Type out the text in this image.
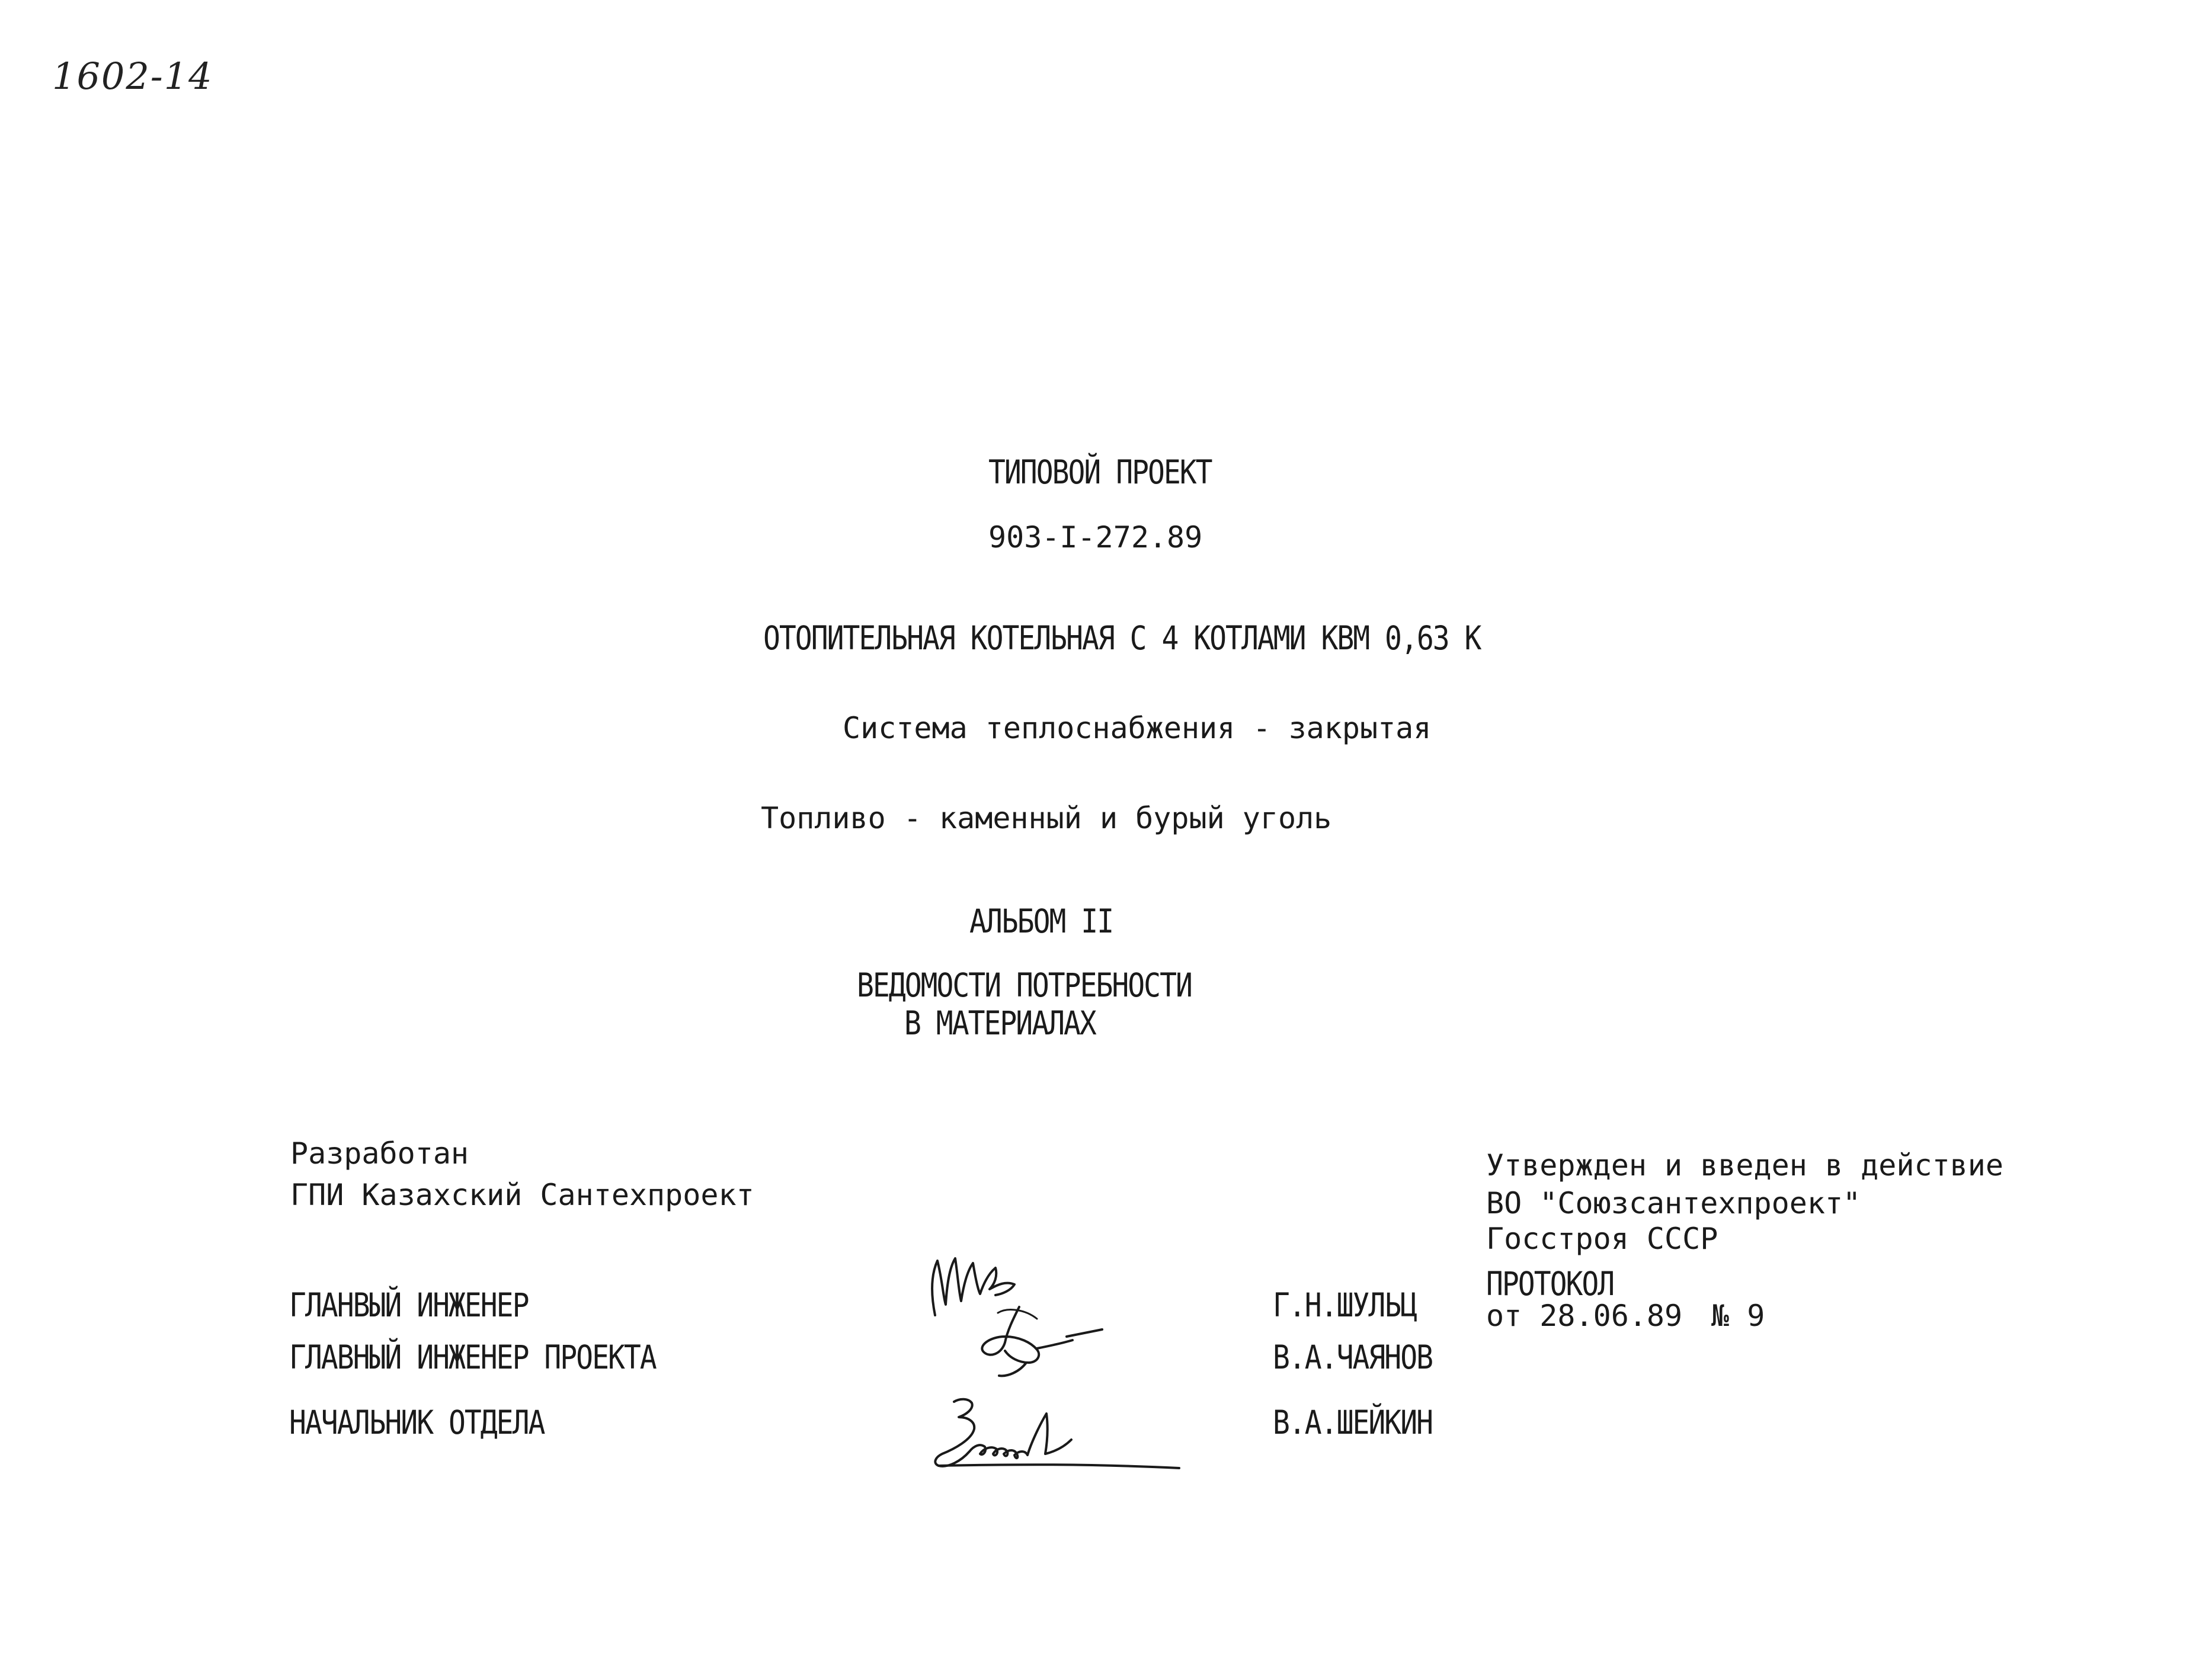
1602-14
ТИПОВОЙ ПРОЕКТ
903-I-272.89
ОТОПИТЕЛЬНАЯ КОТЕЛЬНАЯ С 4 КОТЛАМИ КВМ 0,63 К
Система теплоснабжения - закрытая
Топливо - каменный и бурый уголь
АЛЬБОМ II
ВЕДОМОСТИ ПОТРЕБНОСТИ
В МАТЕРИАЛАХ
Разработан
ГПИ Казахский Сантехпроект
Утвержден и введен в действие
ВО "Союзсантехпроект"
Госстроя СССР
ПРОТОКОЛ
от 28.06.89 № 9
ГЛАНВЫЙ ИНЖЕНЕР
ГЛАВНЫЙ ИНЖЕНЕР ПРОЕКТА
НАЧАЛЬНИК ОТДЕЛА
Г.Н.ШУЛЬЦ
В.А.ЧАЯНОВ
В.А.ШЕЙКИН
